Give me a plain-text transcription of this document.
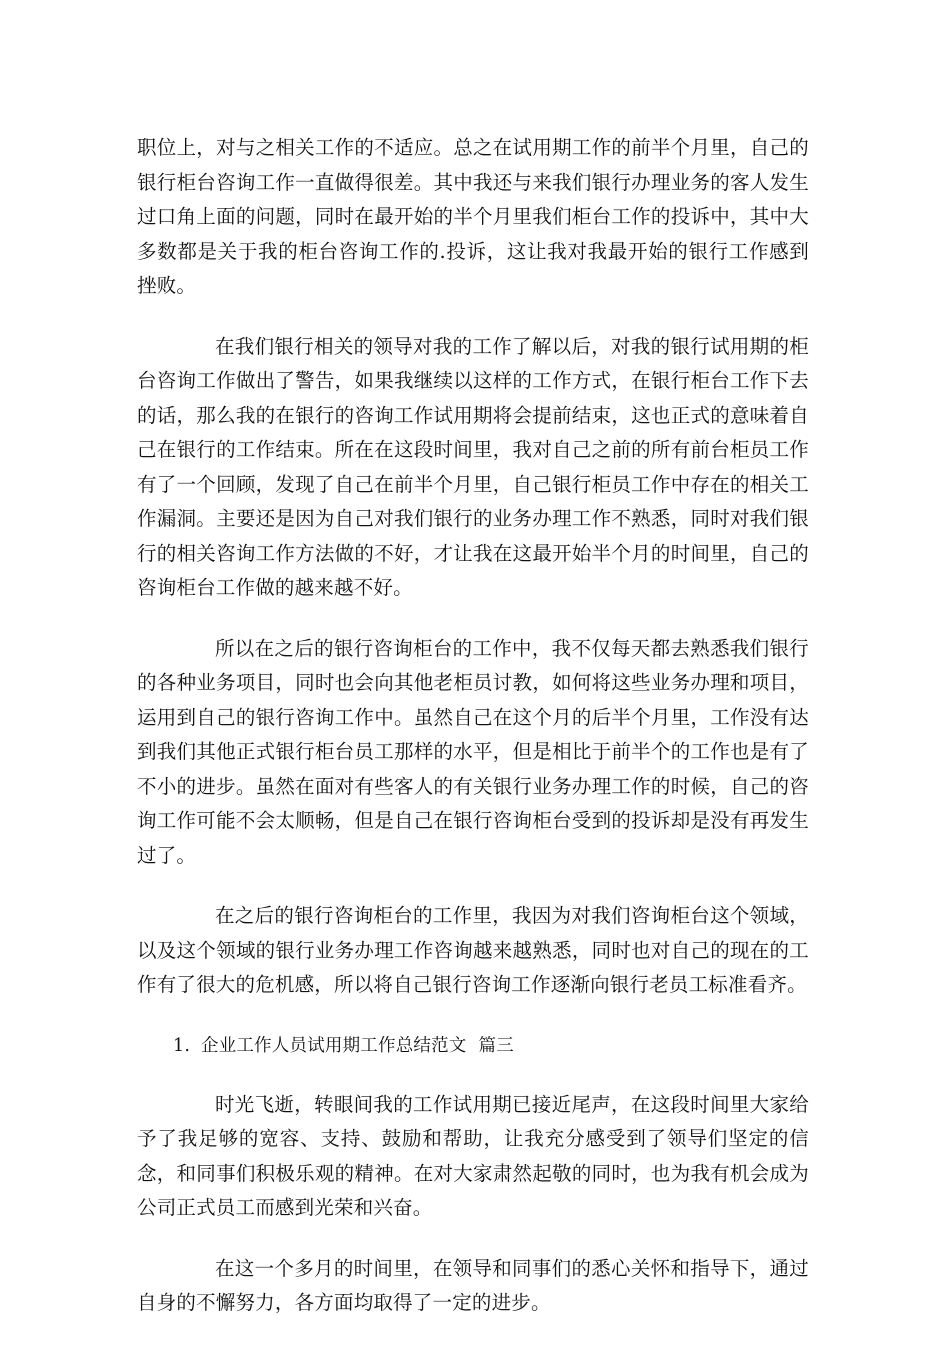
职位上，对与之相关工作的不适应。总之在试用期工作的前半个月里，自己的银行柜台咨询工作一直做得很差。其中我还与来我们银行办理业务的客人发生过口角上面的问题，同时在最开始的半个月里我们柜台工作的投诉中，其中大多数都是关于我的柜台咨询工作的.投诉，这让我对我最开始的银行工作感到挫败。

在我们银行相关的领导对我的工作了解以后，对我的银行试用期的柜台咨询工作做出了警告，如果我继续以这样的工作方式，在银行柜台工作下去的话，那么我的在银行的咨询工作试用期将会提前结束，这也正式的意味着自己在银行的工作结束。所在在这段时间里，我对自己之前的所有前台柜员工作有了一个回顾，发现了自己在前半个月里，自己银行柜员工作中存在的相关工作漏洞。主要还是因为自己对我们银行的业务办理工作不熟悉，同时对我们银行的相关咨询工作方法做的不好，才让我在这最开始半个月的时间里，自己的咨询柜台工作做的越来越不好。

所以在之后的银行咨询柜台的工作中，我不仅每天都去熟悉我们银行的各种业务项目，同时也会向其他老柜员讨教，如何将这些业务办理和项目，运用到自己的银行咨询工作中。虽然自己在这个月的后半个月里，工作没有达到我们其他正式银行柜台员工那样的水平，但是相比于前半个的工作也是有了不小的进步。虽然在面对有些客人的有关银行业务办理工作的时候，自己的咨询工作可能不会太顺畅，但是自己在银行咨询柜台受到的投诉却是没有再发生过了。

在之后的银行咨询柜台的工作里，我因为对我们咨询柜台这个领域，以及这个领域的银行业务办理工作咨询越来越熟悉，同时也对自己的现在的工作有了很大的危机感，所以将自己银行咨询工作逐渐向银行老员工标准看齐。

1. 企业工作人员试用期工作总结范文 篇三

时光飞逝，转眼间我的工作试用期已接近尾声，在这段时间里大家给予了我足够的宽容、支持、鼓励和帮助，让我充分感受到了领导们坚定的信念，和同事们积极乐观的精神。在对大家肃然起敬的同时，也为我有机会成为公司正式员工而感到光荣和兴奋。

在这一个多月的时间里，在领导和同事们的悉心关怀和指导下，通过自身的不懈努力，各方面均取得了一定的进步。
